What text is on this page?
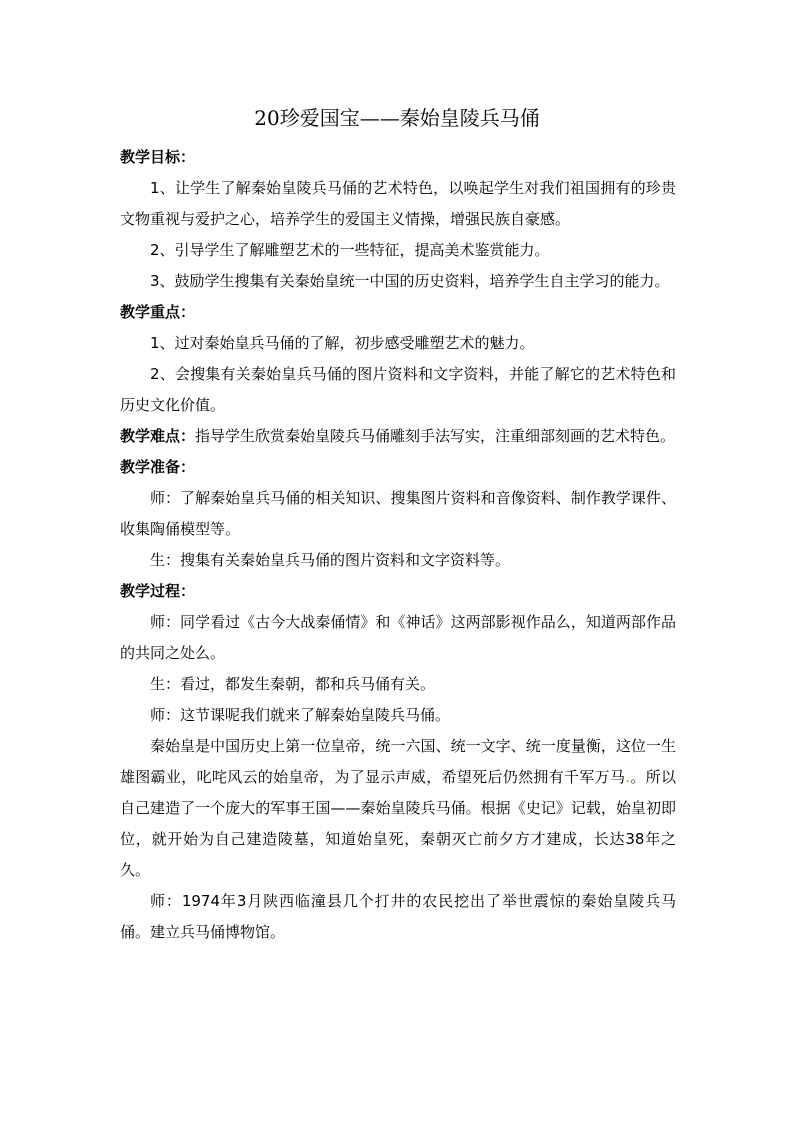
20珍爱国宝——秦始皇陵兵马俑
教学目标：

1、让学生了解秦始皇陵兵马俑的艺术特色，以唤起学生对我们祖国拥有的珍贵文物重视与爱护之心，培养学生的爱国主义情操，增强民族自豪感。

2、引导学生了解雕塑艺术的一些特征，提高美术鉴赏能力。

3、鼓励学生搜集有关秦始皇统一中国的历史资料，培养学生自主学习的能力。

教学重点：

1、过对秦始皇兵马俑的了解，初步感受雕塑艺术的魅力。

2、会搜集有关秦始皇兵马俑的图片资料和文字资料，并能了解它的艺术特色和历史文化价值。

教学难点：指导学生欣赏秦始皇陵兵马俑雕刻手法写实，注重细部刻画的艺术特色。

教学准备：

师：了解秦始皇兵马俑的相关知识、搜集图片资料和音像资料、制作教学课件、收集陶俑模型等。

生：搜集有关秦始皇兵马俑的图片资料和文字资料等。

教学过程：

师：同学看过《古今大战秦俑情》和《神话》这两部影视作品么，知道两部作品的共同之处么。

生：看过，都发生秦朝，都和兵马俑有关。

师：这节课呢我们就来了解秦始皇陵兵马俑。

秦始皇是中国历史上第一位皇帝，统一六国、统一文字、统一度量衡，这位一生雄图霸业，叱咤风云的始皇帝，为了显示声威，希望死后仍然拥有千军万马.。所以自己建造了一个庞大的军事王国——秦始皇陵兵马俑。根据《史记》记载，始皇初即位，就开始为自己建造陵墓，知道始皇死，秦朝灭亡前夕方才建成，长达38年之久。

师：1974年3月陕西临潼县几个打井的农民挖出了举世震惊的秦始皇陵兵马俑。建立兵马俑博物馆。
